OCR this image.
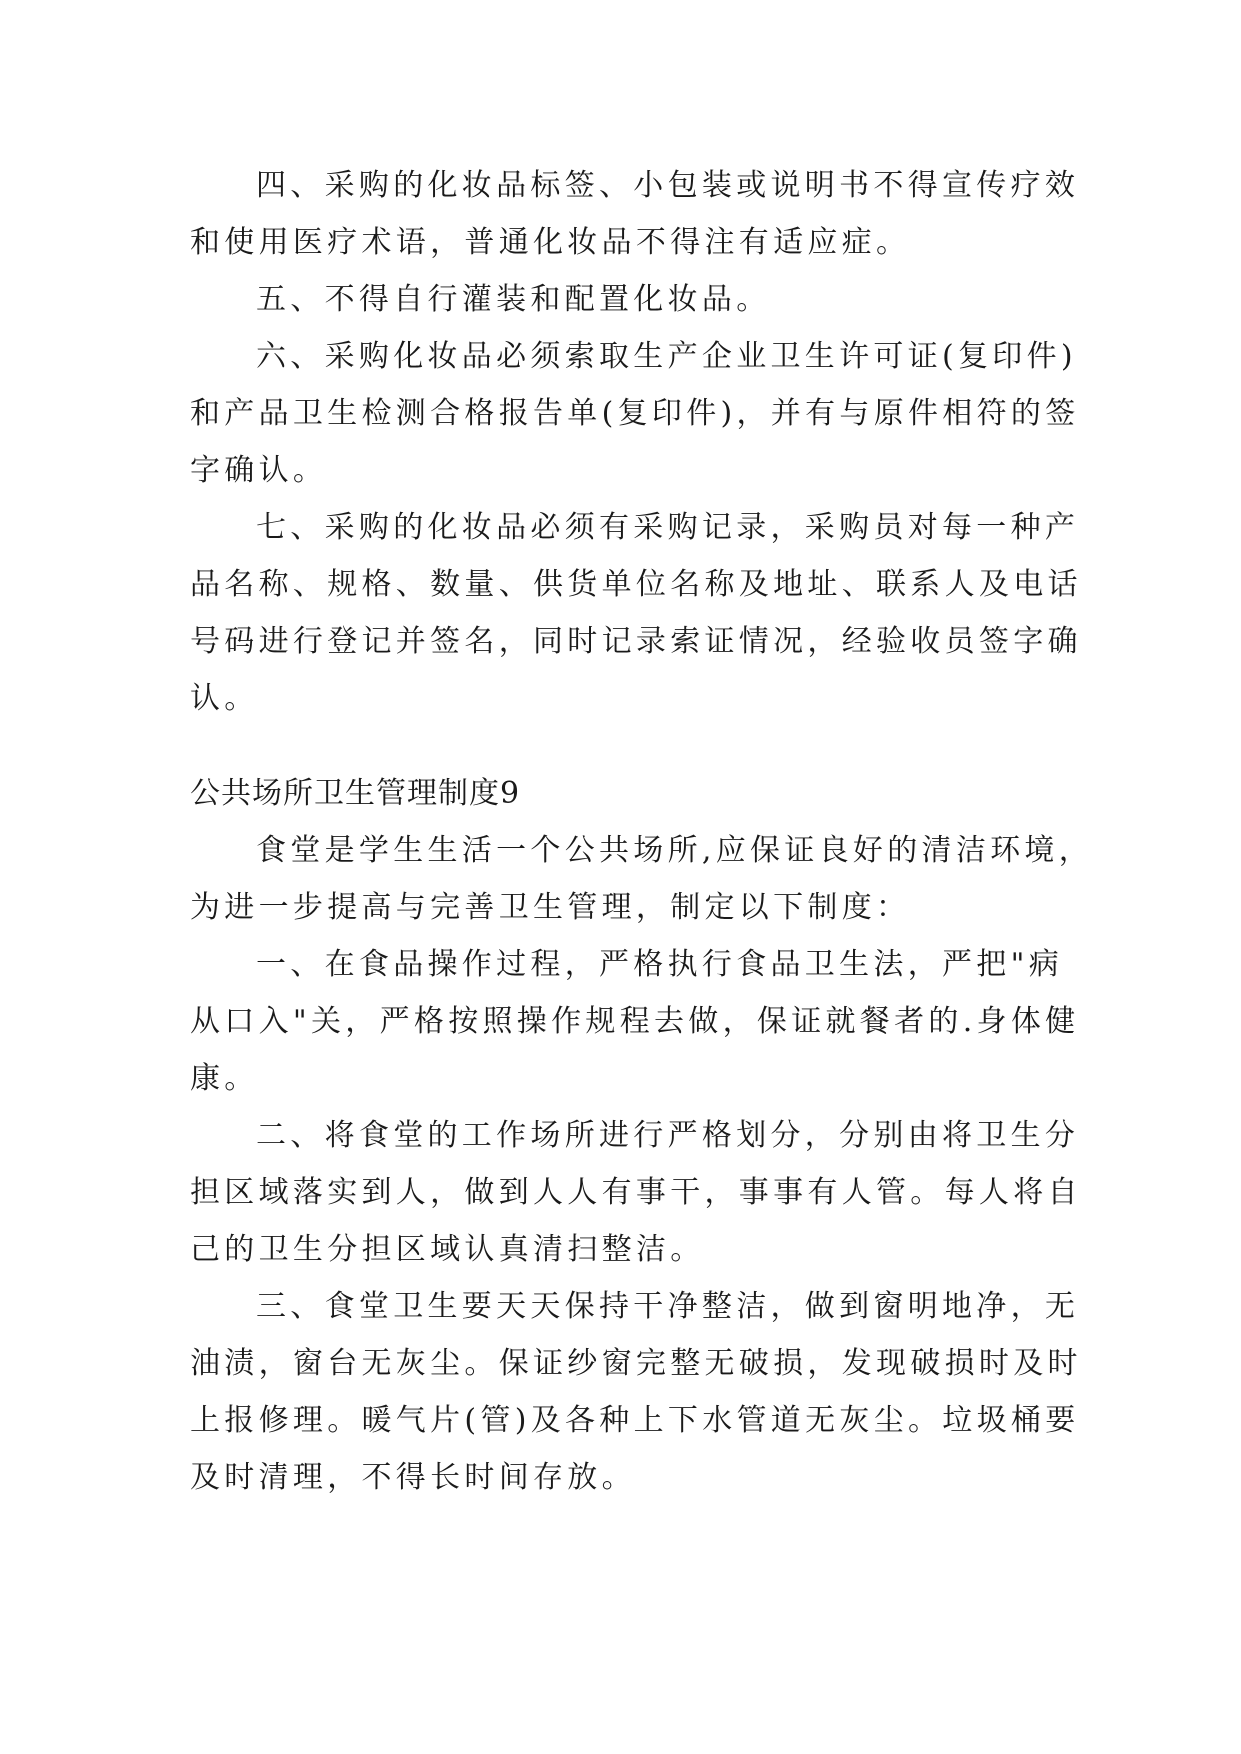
四、采购的化妆品标签、小包装或说明书不得宣传疗效
和使用医疗术语，普通化妆品不得注有适应症。
五、不得自行灌装和配置化妆品。
六、采购化妆品必须索取生产企业卫生许可证(复印件)
和产品卫生检测合格报告单(复印件)，并有与原件相符的签
字确认。
七、采购的化妆品必须有采购记录，采购员对每一种产
品名称、规格、数量、供货单位名称及地址、联系人及电话
号码进行登记并签名，同时记录索证情况，经验收员签字确
认。
公共场所卫生管理制度9
食堂是学生生活一个公共场所,应保证良好的清洁环境，
为进一步提高与完善卫生管理，制定以下制度：
一、在食品操作过程，严格执行食品卫生法，严把"病
从口入"关，严格按照操作规程去做，保证就餐者的.身体健
康。
二、将食堂的工作场所进行严格划分，分别由将卫生分
担区域落实到人，做到人人有事干，事事有人管。每人将自
己的卫生分担区域认真清扫整洁。
三、食堂卫生要天天保持干净整洁，做到窗明地净，无
油渍，窗台无灰尘。保证纱窗完整无破损，发现破损时及时
上报修理。暖气片(管)及各种上下水管道无灰尘。垃圾桶要
及时清理，不得长时间存放。
